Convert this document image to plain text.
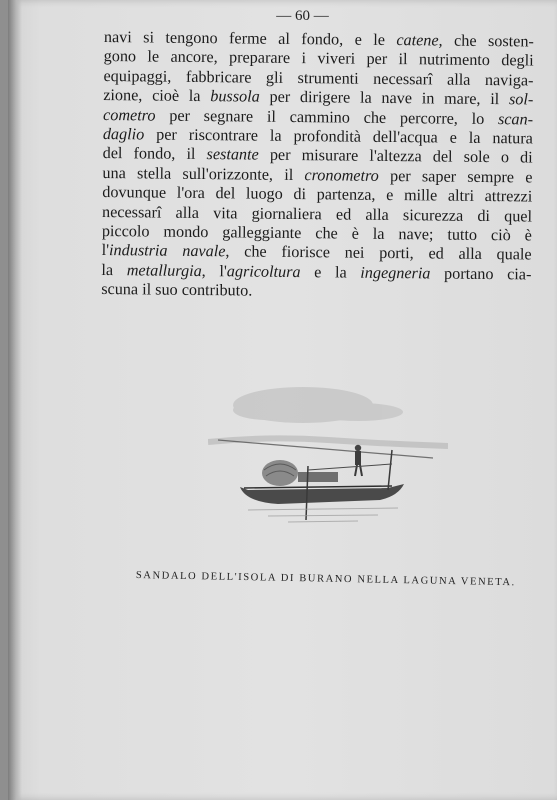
— 60 —
navi si tengono ferme al fondo, e le catene, che sosten-
gono le ancore, preparare i viveri per il nutrimento degli
equipaggi, fabbricare gli strumenti necessarî alla naviga-
zione, cioè la bussola per dirigere la nave in mare, il sol-
cometro per segnare il cammino che percorre, lo scan-
daglio per riscontrare la profondità dell'acqua e la natura
del fondo, il sestante per misurare l'altezza del sole o di
una stella sull'orizzonte, il cronometro per saper sempre e
dovunque l'ora del luogo di partenza, e mille altri attrezzi
necessarî alla vita giornaliera ed alla sicurezza di quel
piccolo mondo galleggiante che è la nave; tutto ciò è
l'industria navale, che fiorisce nei porti, ed alla quale
la metallurgia, l'agricoltura e la ingegneria portano cia-
scuna il suo contributo.
SANDALO DELL'ISOLA DI BURANO NELLA LAGUNA VENETA.
